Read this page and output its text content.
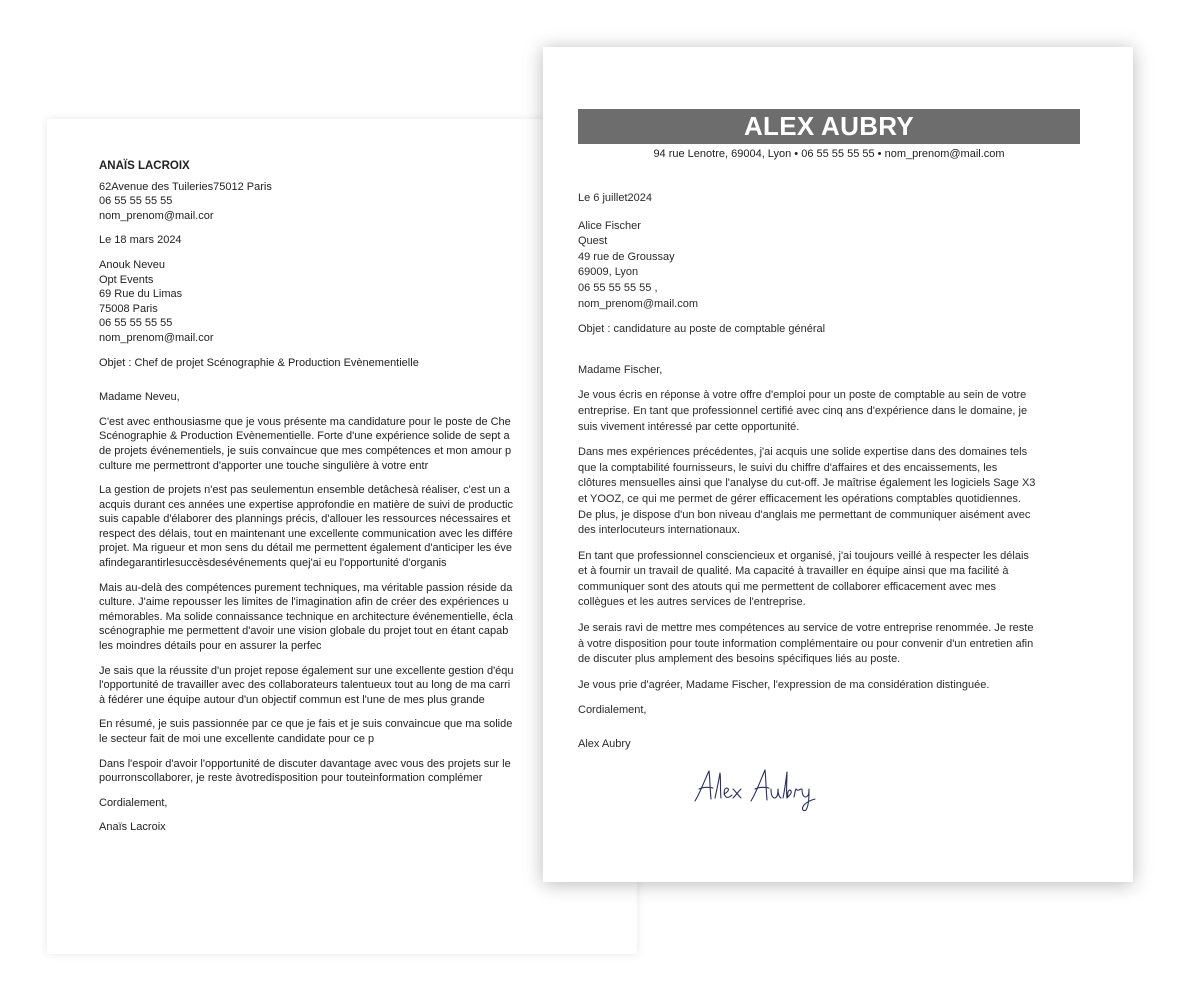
ANAÏS LACROIX
62Avenue des Tuileries75012 Paris
06 55 55 55 55
nom_prenom@mail.cor
Le 18 mars 2024
Anouk Neveu
Opt Events
69 Rue du Limas
75008 Paris
06 55 55 55 55
nom_prenom@mail.cor
Objet : Chef de projet Scénographie & Production Evènementielle
Madame Neveu,
C'est avec enthousiasme que je vous présente ma candidature pour le poste de Che
Scénographie & Production Evènementielle. Forte d'une expérience solide de sept a
de projets événementiels, je suis convaincue que mes compétences et mon amour p
culture me permettront d'apporter une touche singulière à votre entr
La gestion de projets n'est pas seulementun ensemble detâchesà réaliser, c'est un a
acquis durant ces années une expertise approfondie en matière de suivi de productic
suis capable d'élaborer des plannings précis, d'allouer les ressources nécessaires et
respect des délais, tout en maintenant une excellente communication avec les différe
projet. Ma rigueur et mon sens du détail me permettent également d'anticiper les éve
afindegarantirlesuccèsdesévénements quej'ai eu l'opportunité d'organis
Mais au-delà des compétences purement techniques, ma véritable passion réside da
culture. J'aime repousser les limites de l'imagination afin de créer des expériences u
mémorables. Ma solide connaissance technique en architecture événementielle, écla
scénographie me permettent d'avoir une vision globale du projet tout en étant capab
les moindres détails pour en assurer la perfec
Je sais que la réussite d'un projet repose également sur une excellente gestion d'équ
l'opportunité de travailler avec des collaborateurs talentueux tout au long de ma carri
à fédérer une équipe autour d'un objectif commun est l'une de mes plus grande
En résumé, je suis passionnée par ce que je fais et je suis convaincue que ma solide
le secteur fait de moi une excellente candidate pour ce p
Dans l'espoir d'avoir l'opportunité de discuter davantage avec vous des projets sur le
pourronscollaborer, je reste àvotredisposition pour touteinformation complémer
Cordialement,
Anaïs Lacroix
ALEX AUBRY
94 rue Lenotre, 69004, Lyon • 06 55 55 55 55 • nom_prenom@mail.com
Le 6 juillet2024
Alice Fischer
Quest
49 rue de Groussay
69009, Lyon
06 55 55 55 55 ,
nom_prenom@mail.com
Objet : candidature au poste de comptable général
Madame Fischer,
Je vous écris en réponse à votre offre d'emploi pour un poste de comptable au sein de votre
entreprise. En tant que professionnel certifié avec cinq ans d'expérience dans le domaine, je
suis vivement intéressé par cette opportunité.
Dans mes expériences précédentes, j'ai acquis une solide expertise dans des domaines tels
que la comptabilité fournisseurs, le suivi du chiffre d'affaires et des encaissements, les
clôtures mensuelles ainsi que l'analyse du cut-off. Je maîtrise également les logiciels Sage X3
et YOOZ, ce qui me permet de gérer efficacement les opérations comptables quotidiennes.
De plus, je dispose d'un bon niveau d'anglais me permettant de communiquer aisément avec
des interlocuteurs internationaux.
En tant que professionnel consciencieux et organisé, j'ai toujours veillé à respecter les délais
et à fournir un travail de qualité. Ma capacité à travailler en équipe ainsi que ma facilité à
communiquer sont des atouts qui me permettent de collaborer efficacement avec mes
collègues et les autres services de l'entreprise.
Je serais ravi de mettre mes compétences au service de votre entreprise renommée. Je reste
à votre disposition pour toute information complémentaire ou pour convenir d'un entretien afin
de discuter plus amplement des besoins spécifiques liés au poste.
Je vous prie d'agréer, Madame Fischer, l'expression de ma considération distinguée.
Cordialement,
Alex Aubry
